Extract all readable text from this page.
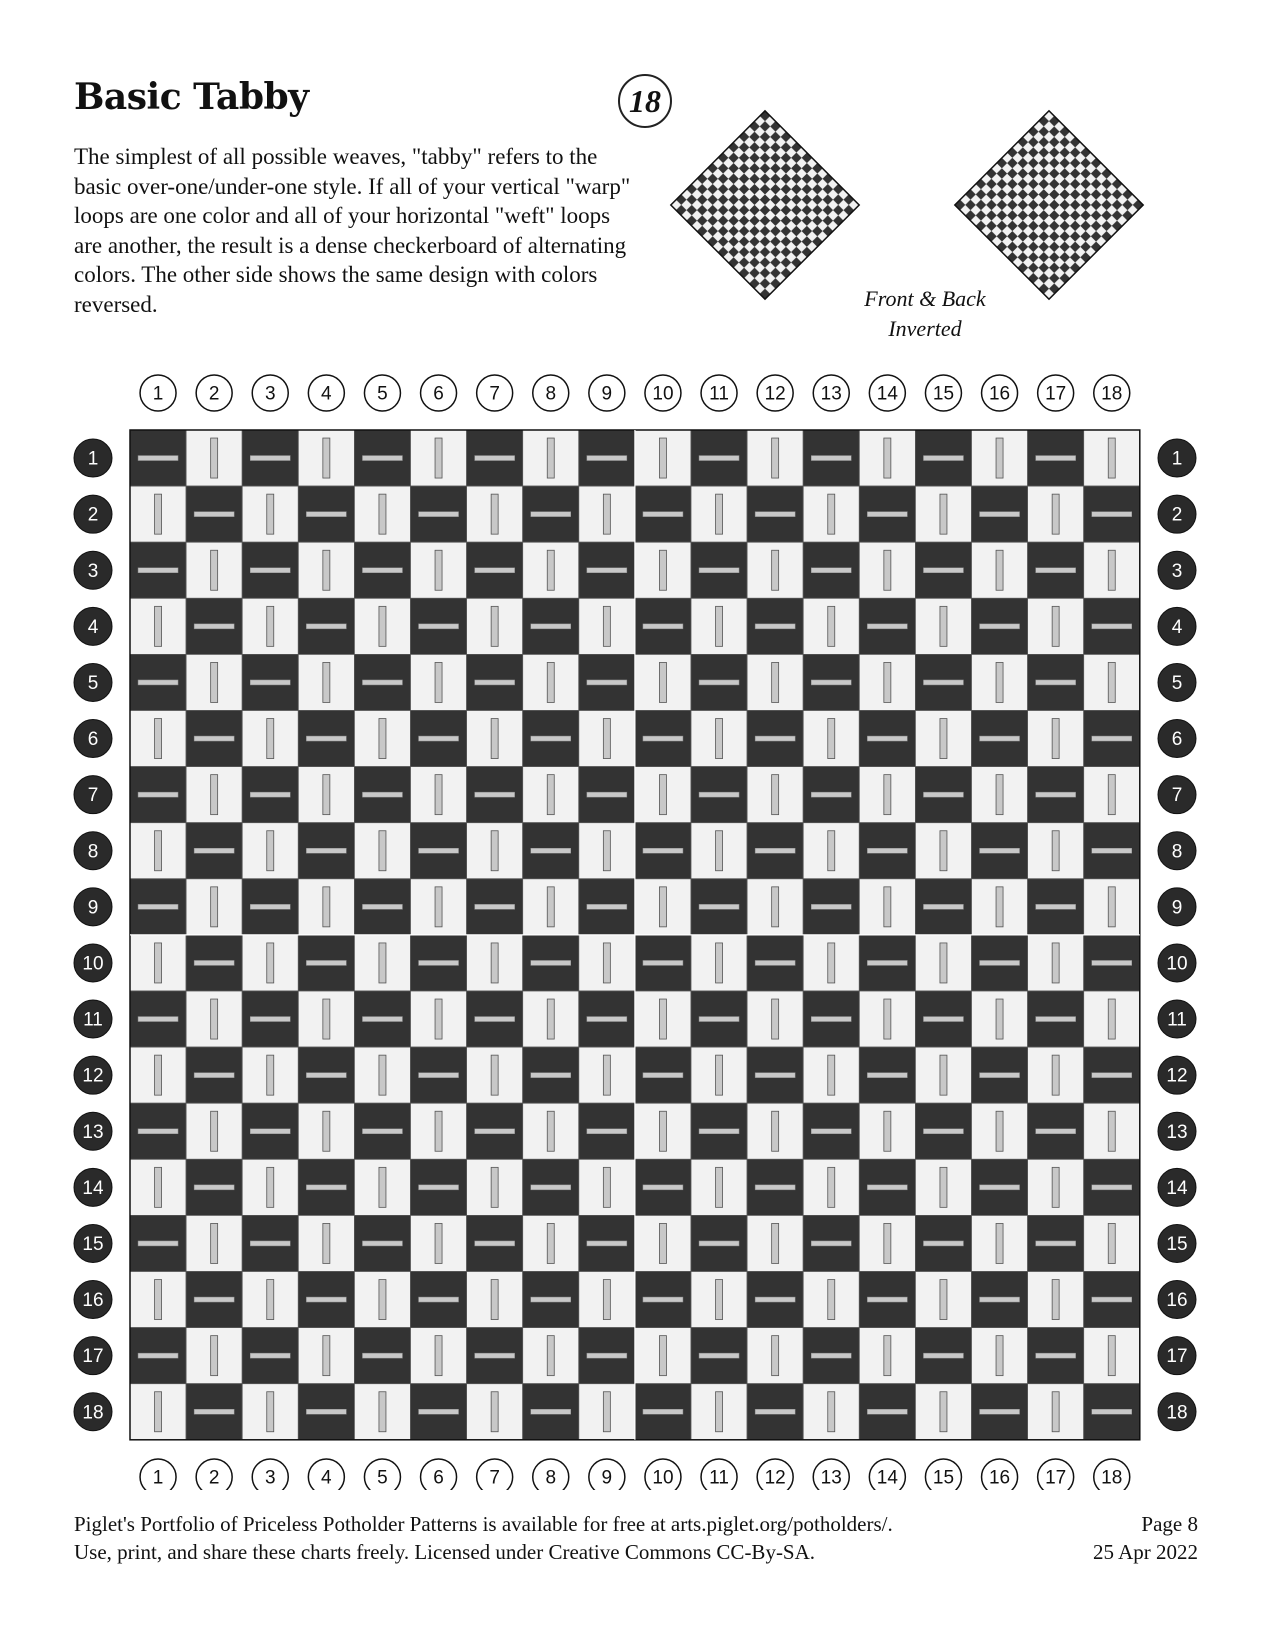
Basic Tabby

The simplest of all possible weaves, "tabby" refers to the basic over-one/under-one style. If all of your vertical "warp" loops are one color and all of your horizontal "weft" loops are another, the result is a dense checkerboard of alternating colors. The other side shows the same design with colors reversed.

18
Front & Back
Inverted
1
1
2
2
3
3
4
4
5
5
6
6
7
7
8
8
9
9
10
10
11
11
12
12
13
13
14
14
15
15
16
16
17
17
18
18
1	1
2	2
3	3
4	4
5	5
6	6
7	7
8	8
9	9
10	10
11	11
12	12
13	13
14	14
15	15
16	16
17	17
18	18
Piglet's Portfolio of Priceless Potholder Patterns is available for free at arts.piglet.org/potholders/.
Use, print, and share these charts freely. Licensed under Creative Commons CC-By-SA.
Page 8
25 Apr 2022
